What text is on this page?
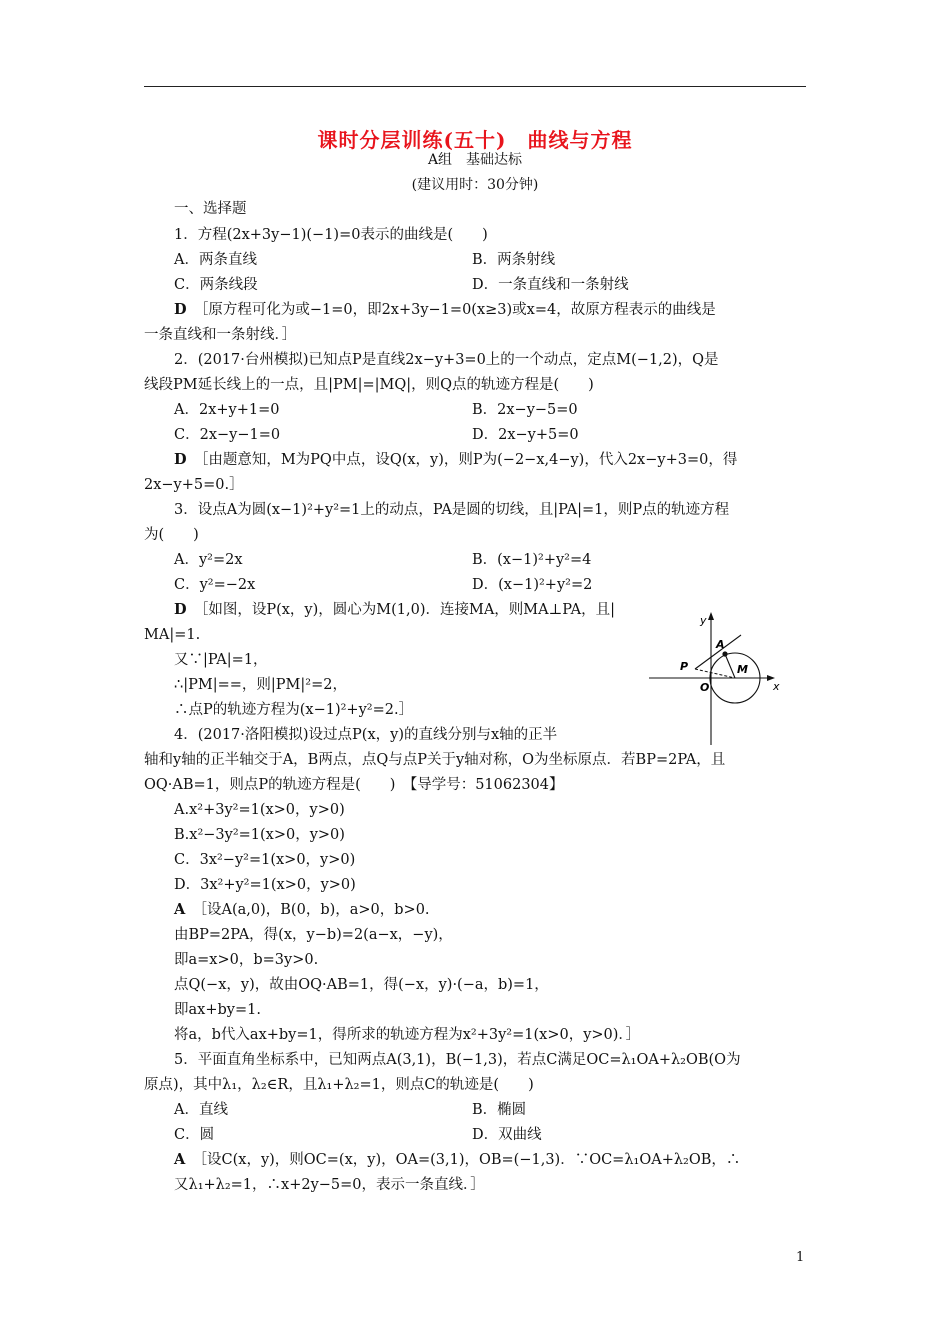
课时分层训练(五十)　曲线与方程
A组　基础达标
(建议用时：30分钟)
一、选择题
1．方程(2x+3y−1)(−1)=0表示的曲线是(　　)
A．两条直线	B．两条射线
C．两条线段	D．一条直线和一条射线
D　 ［原方程可化为或−1=0，即2x+3y−1=0(x≥3)或x=4，故原方程表示的曲线是
一条直线和一条射线．］
2．(2017·台州模拟)已知点P是直线2x−y+3=0上的一个动点，定点M(−1,2)，Q是
线段PM延长线上的一点，且|PM|=|MQ|，则Q点的轨迹方程是(　　)
A．2x+y+1=0	B．2x−y−5=0
C．2x−y−1=0	D．2x−y+5=0
D　 ［由题意知，M为PQ中点，设Q(x，y)，则P为(−2−x,4−y)，代入2x−y+3=0，得
2x−y+5=0.］
3．设点A为圆(x−1)²+y²=1上的动点，PA是圆的切线，且|PA|=1，则P点的轨迹方程
为(　　)
A．y²=2x	B．(x−1)²+y²=4
C．y²=−2x	D．(x−1)²+y²=2
D　 ［如图，设P(x，y)，圆心为M(1,0)．连接MA，则MA⊥PA，且|
MA|=1.
又∵|PA|=1，
∴|PM|==，则|PM|²=2，
∴点P的轨迹方程为(x−1)²+y²=2.］
4．(2017·洛阳模拟)设过点P(x，y)的直线分别与x轴的正半
轴和y轴的正半轴交于A，B两点，点Q与点P关于y轴对称，O为坐标原点．若BP=2PA，且
OQ·AB=1，则点P的轨迹方程是(　　)　【导学号：51062304】
A.x²+3y²=1(x>0，y>0)
B.x²−3y²=1(x>0，y>0)
C．3x²−y²=1(x>0，y>0)
D．3x²+y²=1(x>0，y>0)
A　 ［设A(a,0)，B(0，b)，a>0，b>0.
由BP=2PA，得(x，y−b)=2(a−x，−y)，
即a=x>0，b=3y>0.
点Q(−x，y)，故由OQ·AB=1，得(−x，y)·(−a，b)=1，
即ax+by=1.
将a，b代入ax+by=1，得所求的轨迹方程为x²+3y²=1(x>0，y>0)．］
5．平面直角坐标系中，已知两点A(3,1)，B(−1,3)，若点C满足OC=λ₁OA+λ₂OB(O为
原点)，其中λ₁，λ₂∈R，且λ₁+λ₂=1，则点C的轨迹是(　　)
A．直线	B．椭圆
C．圆	D．双曲线
A　 ［设C(x，y)，则OC=(x，y)，OA=(3,1)，OB=(−1,3)．∵OC=λ₁OA+λ₂OB，∴
又λ₁+λ₂=1，∴x+2y−5=0，表示一条直线．］
y
x
A
P
O
M
1
